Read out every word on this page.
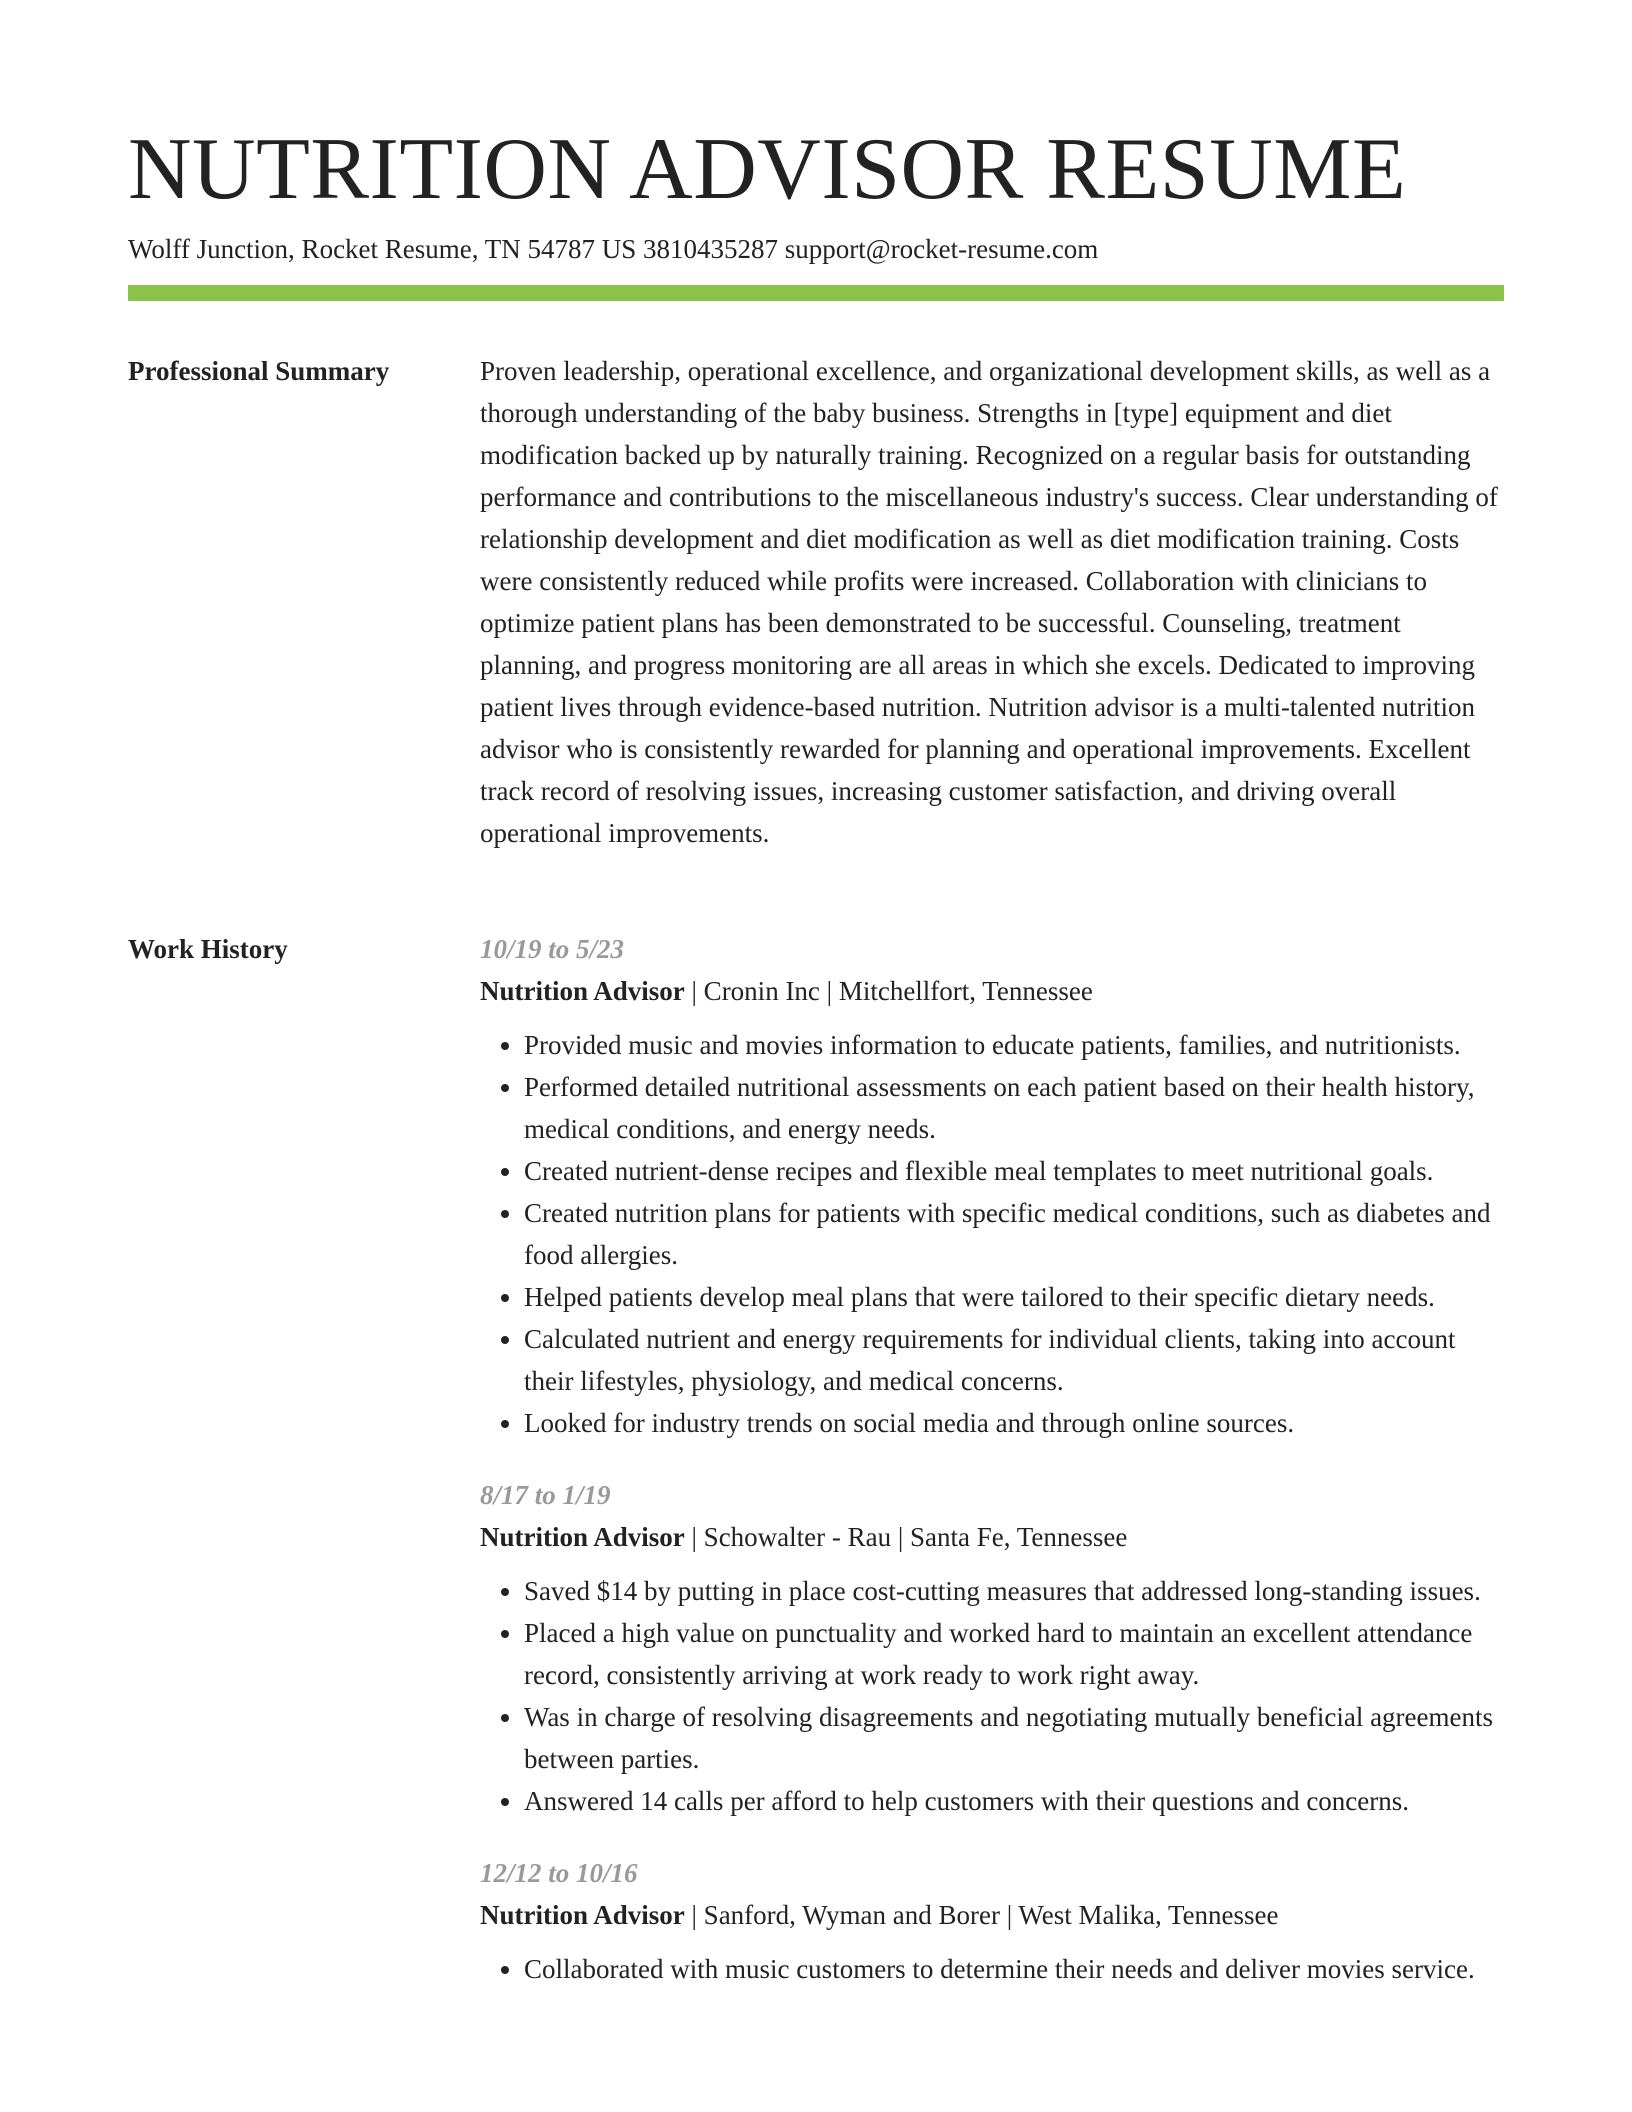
NUTRITION ADVISOR RESUME
Wolff Junction, Rocket Resume, TN 54787 US 3810435287 support@rocket-resume.com
Professional Summary	Proven leadership, operational excellence, and organizational development skills, as well as a thorough understanding of the baby business. Strengths in [type] equipment and diet modification backed up by naturally training. Recognized on a regular basis for outstanding performance and contributions to the miscellaneous industry's success. Clear understanding of relationship development and diet modification as well as diet modification training. Costs were consistently reduced while profits were increased. Collaboration with clinicians to optimize patient plans has been demonstrated to be successful. Counseling, treatment planning, and progress monitoring are all areas in which she excels. Dedicated to improving patient lives through evidence-based nutrition. Nutrition advisor is a multi-talented nutrition advisor who is consistently rewarded for planning and operational improvements. Excellent track record of resolving issues, increasing customer satisfaction, and driving overall operational improvements.

Work History	10/19 to 5/23
Nutrition Advisor | Cronin Inc | Mitchellfort, Tennessee
• Provided music and movies information to educate patients, families, and nutritionists.
• Performed detailed nutritional assessments on each patient based on their health history, medical conditions, and energy needs.
• Created nutrient-dense recipes and flexible meal templates to meet nutritional goals.
• Created nutrition plans for patients with specific medical conditions, such as diabetes and food allergies.
• Helped patients develop meal plans that were tailored to their specific dietary needs.
• Calculated nutrient and energy requirements for individual clients, taking into account their lifestyles, physiology, and medical concerns.
• Looked for industry trends on social media and through online sources.
8/17 to 1/19
Nutrition Advisor | Schowalter - Rau | Santa Fe, Tennessee
• Saved $14 by putting in place cost-cutting measures that addressed long-standing issues.
• Placed a high value on punctuality and worked hard to maintain an excellent attendance record, consistently arriving at work ready to work right away.
• Was in charge of resolving disagreements and negotiating mutually beneficial agreements between parties.
• Answered 14 calls per afford to help customers with their questions and concerns.
12/12 to 10/16
Nutrition Advisor | Sanford, Wyman and Borer | West Malika, Tennessee
• Collaborated with music customers to determine their needs and deliver movies service.
